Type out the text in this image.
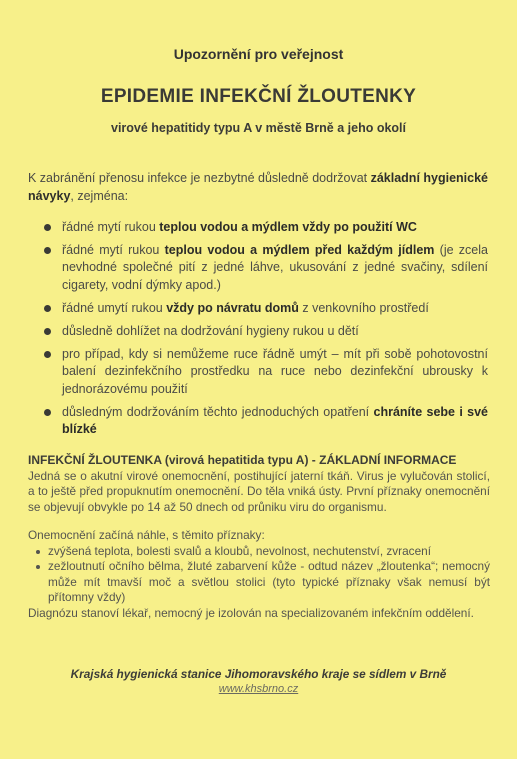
Upozornění pro veřejnost
EPIDEMIE INFEKČNÍ ŽLOUTENKY
virové hepatitidy typu A v městě Brně a jeho okolí
K zabránění přenosu infekce je nezbytné důsledně dodržovat základní hygienické návyky, zejména:
řádné mytí rukou teplou vodou a mýdlem vždy po použití WC
řádné mytí rukou teplou vodou a mýdlem před každým jídlem (je zcela nevhodné společné pití z jedné láhve, ukusování z jedné svačiny, sdílení cigarety, vodní dýmky apod.)
řádné umytí rukou vždy po návratu domů z venkovního prostředí
důsledně dohlížet na dodržování hygieny rukou u dětí
pro případ, kdy si nemůžeme ruce řádně umýt – mít při sobě pohotovostní balení dezinfekčního prostředku na ruce nebo dezinfekční ubrousky k jednorázovému použití
důsledným dodržováním těchto jednoduchých opatření chráníte sebe i své blízké
INFEKČNÍ ŽLOUTENKA (virová hepatitida typu A) - ZÁKLADNÍ INFORMACE

Jedná se o akutní virové onemocnění, postihující jaterní tkáň. Virus je vylučován stolicí, a to ještě před propuknutím onemocnění. Do těla vniká ústy. První příznaky onemocnění se objevují obvykle po 14 až 50 dnech od průniku viru do organismu.

Onemocnění začíná náhle, s těmito příznaky:

zvýšená teplota, bolesti svalů a kloubů, nevolnost, nechutenství, zvracení
zežloutnutí očního bělma, žluté zabarvení kůže - odtud název „žloutenka“; nemocný může mít tmavší moč a světlou stolici (tyto typické příznaky však nemusí být přítomny vždy)

Diagnózu stanoví lékař, nemocný je izolován na specializovaném infekčním oddělení.

Krajská hygienická stanice Jihomoravského kraje se sídlem v Brně
www.khsbrno.cz
